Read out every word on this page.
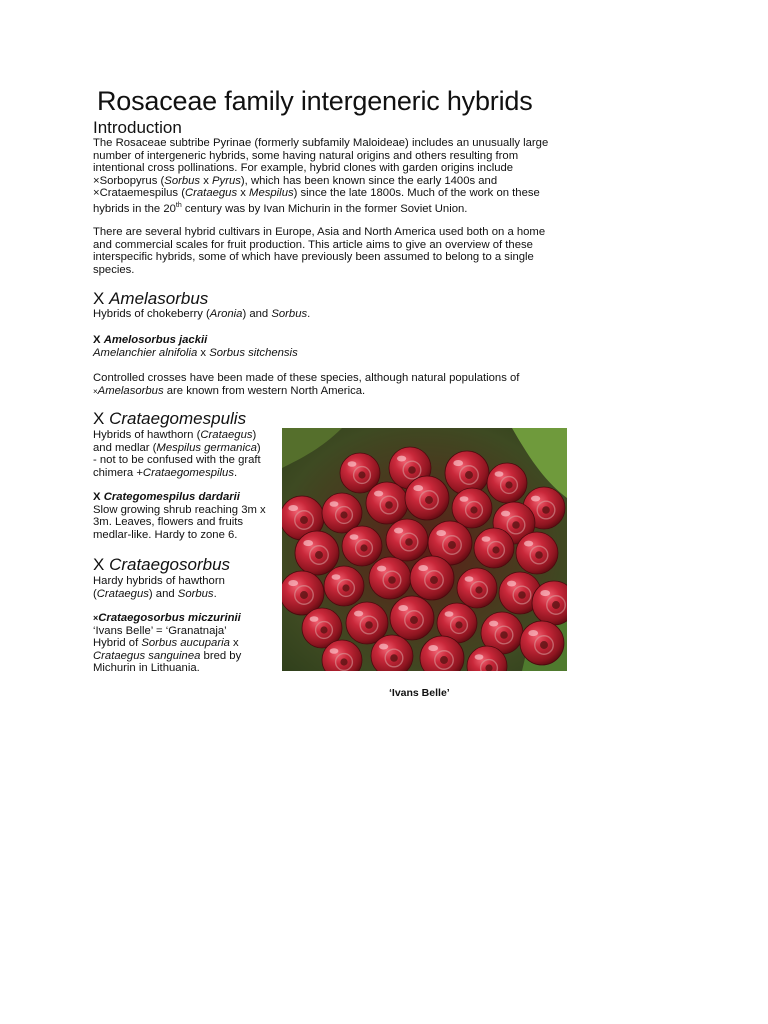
Rosaceae family intergeneric hybrids
Introduction
The Rosaceae subtribe Pyrinae (formerly subfamily Maloideae) includes an unusually large
number of intergeneric hybrids, some having natural origins and others resulting from
intentional cross pollinations. For example, hybrid clones with garden origins include
×Sorbopyrus (Sorbus x Pyrus), which has been known since the early 1400s and
×Crataemespilus (Crataegus x Mespilus) since the late 1800s. Much of the work on these
hybrids in the 20th century was by Ivan Michurin in the former Soviet Union.
There are several hybrid cultivars in Europe, Asia and North America used both on a home
and commercial scales for fruit production. This article aims to give an overview of these
interspecific hybrids, some of which have previously been assumed to belong to a single
species.
X Amelasorbus
Hybrids of chokeberry (Aronia) and Sorbus.
X Amelosorbus jackii
Amelanchier alnifolia x Sorbus sitchensis
Controlled crosses have been made of these species, although natural populations of
×Amelasorbus are known from western North America.
X Crataegomespulis
Hybrids of hawthorn (Crataegus)
and medlar (Mespilus germanica)
- not to be confused with the graft
chimera +Crataegomespilus.
X Crategomespilus dardarii
Slow growing shrub reaching 3m x
3m. Leaves, flowers and fruits
medlar-like. Hardy to zone 6.
X Crataegosorbus
Hardy hybrids of hawthorn
(Crataegus) and Sorbus.
×Crataegosorbus miczurinii
‘Ivans Belle’ = ‘Granatnaja’
Hybrid of Sorbus aucuparia x
Crataegus sanguinea bred by
Michurin in Lithuania.
‘Ivans Belle’
